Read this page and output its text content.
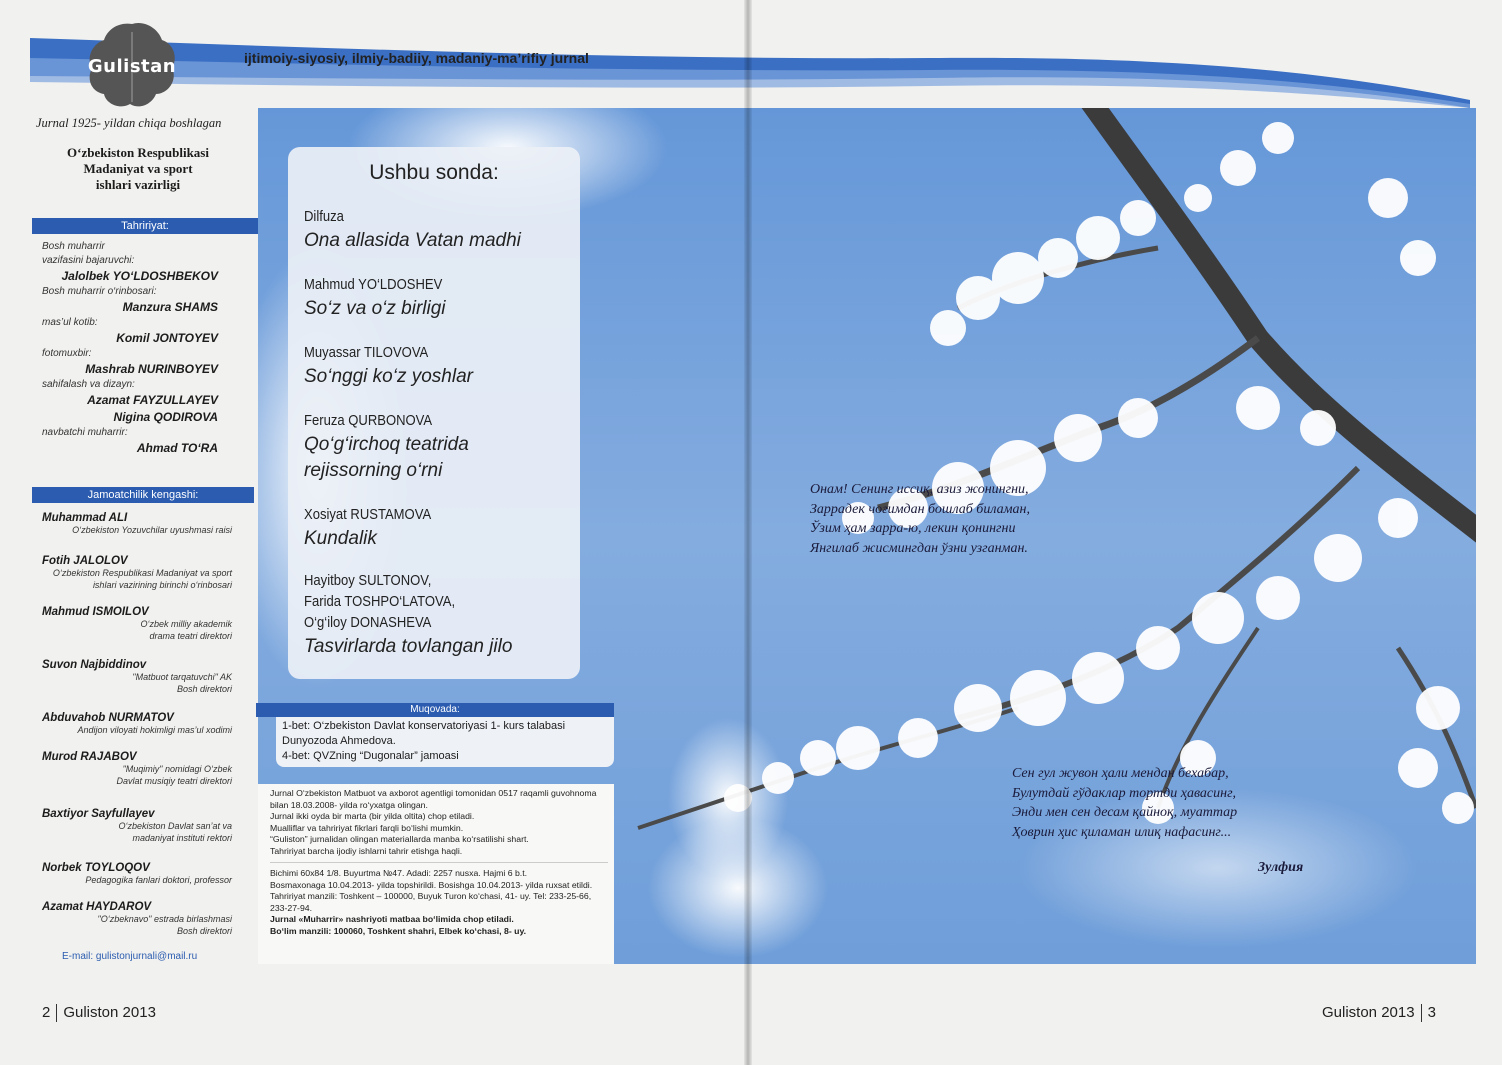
Gulistan	ijtimoiy-siyosiy, ilmiy-badiiy, madaniy-ma’rifiy jurnal
Jurnal 1925- yildan chiqa boshlagan
O‘zbekiston Respublikasi
Madaniyat va sport
ishlari vazirligi
Tahririyat:
Bosh muharrir
vazifasini bajaruvchi:
Jalolbek YO‘LDOSHBEKOV
Bosh muharrir o‘rinbosari:
Manzura SHAMS
mas’ul kotib:
Komil JONTOYEV
fotomuxbir:
Mashrab NURINBOYEV
sahifalash va dizayn:
Azamat FAYZULLAYEV
Nigina QODIROVA
navbatchi muharrir:
Ahmad TO‘RA
Jamoatchilik kengashi:
Muhammad ALI
O‘zbekiston Yozuvchilar uyushmasi raisi
Fotih JALOLOV
O‘zbekiston Respublikasi Madaniyat va sport ishlari vazirining birinchi o‘rinbosari
Mahmud ISMOILOV
O‘zbek milliy akademik drama teatri direktori
Suvon Najbiddinov
"Matbuot tarqatuvchi" AK Bosh direktori
Abduvahob NURMATOV
Andijon viloyati hokimligi mas’ul xodimi
Murod RAJABOV
"Muqimiy" nomidagi O‘zbek Davlat musiqiy teatri direktori
Baxtiyor Sayfullayev
O‘zbekiston Davlat san’at va madaniyat instituti rektori
Norbek TOYLOQOV
Pedagogika fanlari doktori, professor
Azamat HAYDAROV
"O‘zbeknavo" estrada birlashmasi Bosh direktori
E-mail: gulistonjurnali@mail.ru
Ushbu sonda:
Dilfuza
Ona allasida Vatan madhi
Mahmud YO‘LDOSHEV
So‘z va o‘z birligi
Muyassar TILOVOVA
So‘nggi ko‘z yoshlar
Feruza QURBONOVA
Qo‘g‘irchoq teatrida
rejissorning o‘rni
Xosiyat RUSTAMOVA
Kundalik
Hayitboy SULTONOV,
Farida TOSHPO‘LATOVA,
O‘g‘iloy DONASHEVA
Tasvirlarda tovlangan jilo
Muqovada:
1-bet: O‘zbekiston Davlat konservatoriyasi 1- kurs talabasi
Dunyozoda Ahmedova.
4-bet: QVZning “Dugonalar” jamoasi

Jurnal O‘zbekiston Matbuot va axborot agentligi tomonidan 0517 raqamli guvohnoma bilan 18.03.2008- yilda ro‘yxatga olingan.

Jurnal ikki oyda bir marta (bir yilda oltita) chop etiladi.

Mualliflar va tahririyat fikrlari farqli bo‘lishi mumkin.

“Guliston” jurnalidan olingan materiallarda manba ko‘rsatilishi shart.

Tahririyat barcha ijodiy ishlarni tahrir etishga haqli.

Bichimi 60x84 1/8. Buyurtma №47. Adadi: 2257 nusxa. Hajmi 6 b.t.

Bosmaxonaga 10.04.2013- yilda topshirildi. Bosishga 10.04.2013- yilda ruxsat etildi. Tahririyat manzili: Toshkent – 100000, Buyuk Turon ko‘chasi, 41- uy. Tel: 233-25-66, 233-27-94.

Jurnal «Muharrir» nashriyoti matbaa bo‘limida chop etiladi.

Bo‘lim manzili: 100060, Toshkent shahri, Elbek ko‘chasi, 8- uy.

Онам! Сенинг иссиқ, азиз жонингни,
Заррадек чоғимдан бошлаб биламан,
Ўзим ҳам зарра-ю, лекин қонингни
Янгилаб жисмингдан ўзни узганман.
Сен гул жувон ҳали мендан бехабар,
Булутдай гўдаклар тортди ҳавасинг,
Энди мен сен десам қайноқ, муаттар
Ҳоврин ҳис қиламан илиқ нафасинг...
Зулфия
2 Guliston 2013	Guliston 2013 3
